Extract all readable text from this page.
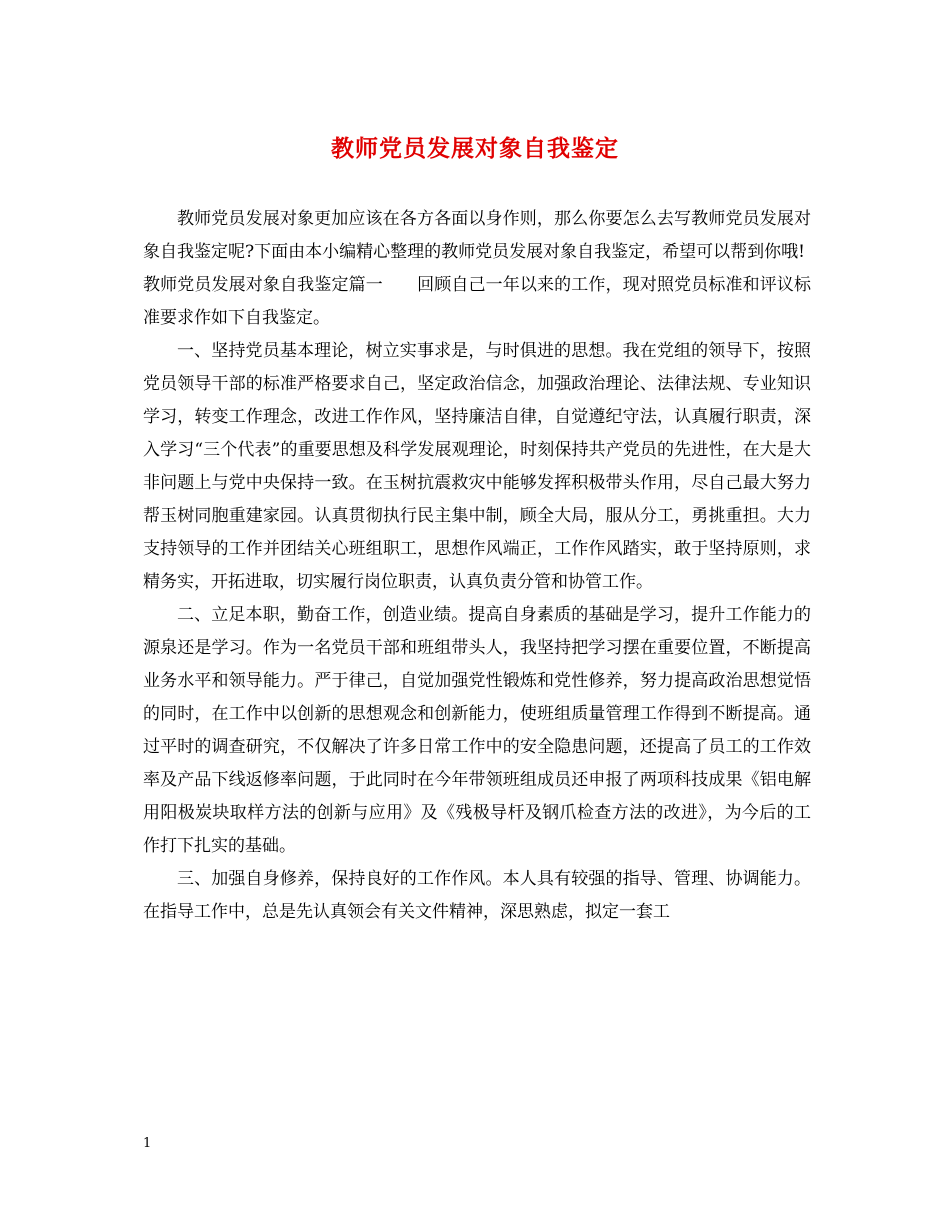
教师党员发展对象自我鉴定

教师党员发展对象更加应该在各方各面以身作则，那么你要怎么去写教师党员发展对象自我鉴定呢?下面由本小编精心整理的教师党员发展对象自我鉴定，希望可以帮到你哦!

教师党员发展对象自我鉴定篇一　　回顾自己一年以来的工作，现对照党员标准和评议标准要求作如下自我鉴定。

一、坚持党员基本理论，树立实事求是，与时俱进的思想。我在党组的领导下，按照党员领导干部的标准严格要求自己，坚定政治信念，加强政治理论、法律法规、专业知识学习，转变工作理念，改进工作作风，坚持廉洁自律，自觉遵纪守法，认真履行职责，深入学习“三个代表”的重要思想及科学发展观理论，时刻保持共产党员的先进性，在大是大非问题上与党中央保持一致。在玉树抗震救灾中能够发挥积极带头作用，尽自己最大努力帮玉树同胞重建家园。认真贯彻执行民主集中制，顾全大局，服从分工，勇挑重担。大力支持领导的工作并团结关心班组职工，思想作风端正，工作作风踏实，敢于坚持原则，求精务实，开拓进取，切实履行岗位职责，认真负责分管和协管工作。

二、立足本职，勤奋工作，创造业绩。提高自身素质的基础是学习，提升工作能力的源泉还是学习。作为一名党员干部和班组带头人，我坚持把学习摆在重要位置，不断提高业务水平和领导能力。严于律己，自觉加强党性锻炼和党性修养，努力提高政治思想觉悟的同时，在工作中以创新的思想观念和创新能力，使班组质量管理工作得到不断提高。通过平时的调查研究，不仅解决了许多日常工作中的安全隐患问题，还提高了员工的工作效率及产品下线返修率问题，于此同时在今年带领班组成员还申报了两项科技成果《铝电解用阳极炭块取样方法的创新与应用》及《残极导杆及钢爪检查方法的改进》，为今后的工作打下扎实的基础。

三、加强自身修养，保持良好的工作作风。本人具有较强的指导、管理、协调能力。在指导工作中，总是先认真领会有关文件精神，深思熟虑，拟定一套工

1
